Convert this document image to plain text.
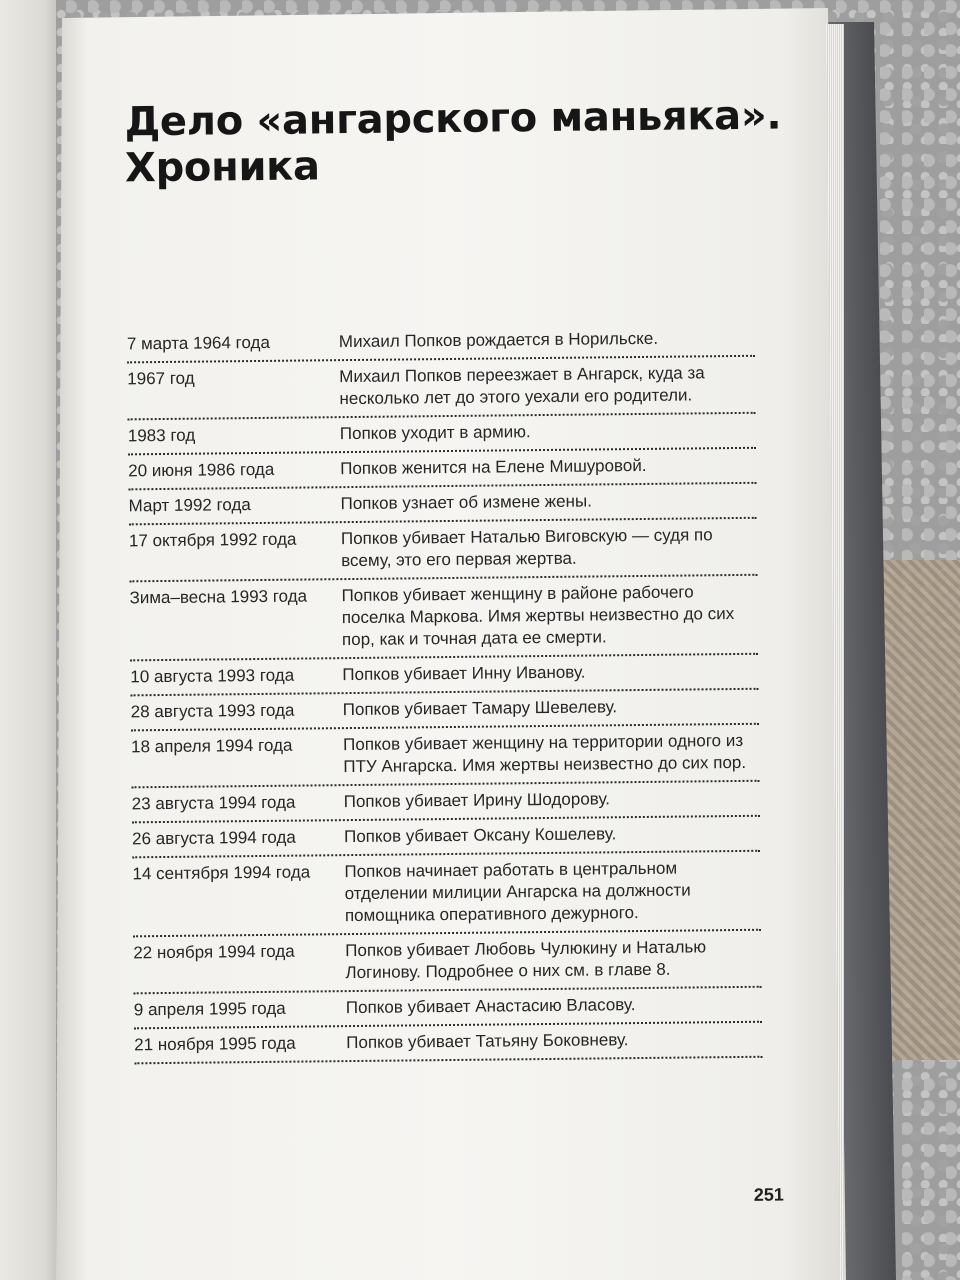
Дело «ангарского маньяка». Хроника
7 марта 1964 года	Михаил Попков рождается в Норильске.
1967 год	Михаил Попков переезжает в Ангарск, куда за несколько лет до этого уехали его родители.
1983 год	Попков уходит в армию.
20 июня 1986 года	Попков женится на Елене Мишуровой.
Март 1992 года	Попков узнает об измене жены.
17 октября 1992 года	Попков убивает Наталью Виговскую — судя по всему, это его первая жертва.
Зима–весна 1993 года	Попков убивает женщину в районе рабочего поселка Маркова. Имя жертвы неизвестно до сих пор, как и точная дата ее смерти.
10 августа 1993 года	Попков убивает Инну Иванову.
28 августа 1993 года	Попков убивает Тамару Шевелеву.
18 апреля 1994 года	Попков убивает женщину на территории одного из ПТУ Ангарска. Имя жертвы неизвестно до сих пор.
23 августа 1994 года	Попков убивает Ирину Шодорову.
26 августа 1994 года	Попков убивает Оксану Кошелеву.
14 сентября 1994 года	Попков начинает работать в центральном отделении милиции Ангарска на должности помощника оперативного дежурного.
22 ноября 1994 года	Попков убивает Любовь Чулюкину и Наталью Логинову. Подробнее о них см. в главе 8.
9 апреля 1995 года	Попков убивает Анастасию Власову.
21 ноября 1995 года	Попков убивает Татьяну Боковневу.
251
